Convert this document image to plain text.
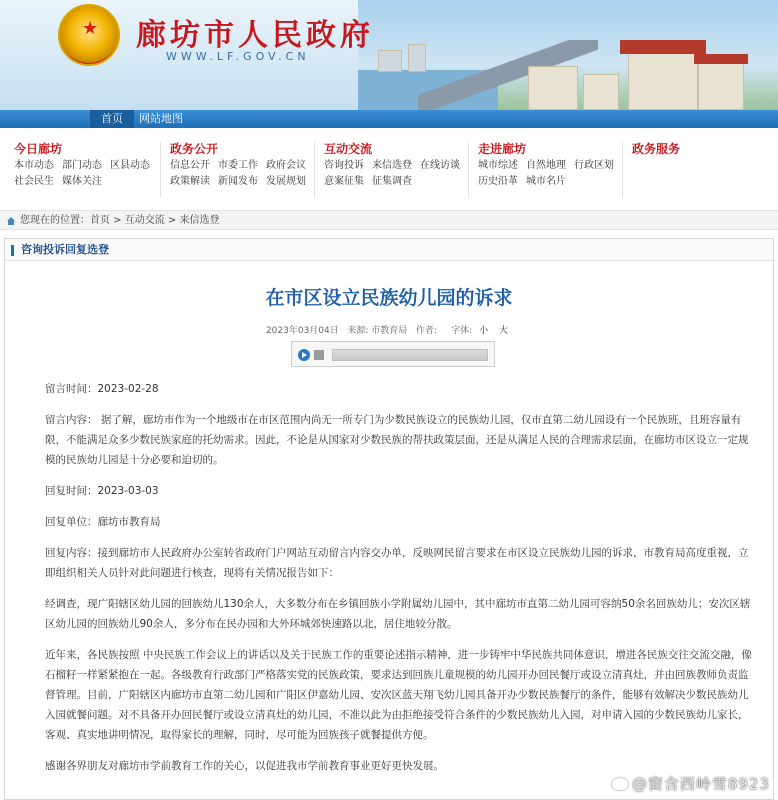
★ 廊坊市人民政府
WWW.LF.GOV.CN
首页	网站地图
今日廊坊
本市动态 部门动态 区县动态
社会民生 媒体关注
政务公开
信息公开 市委工作 政府会议
政策解读 新闻发布 发展规划
互动交流
咨询投诉 来信选登 在线访谈
意案征集 征集调查
走进廊坊
城市综述 自然地理 行政区划
历史沿革 城市名片
政务服务
您现在的位置：首页 > 互动交流 > 来信选登
咨询投诉回复选登
在市区设立民族幼儿园的诉求
2023年03月04日 来源: 市教育局 作者: 字体: 小 大

留言时间：2023-02-28

留言内容： 据了解，廊坊市作为一个地级市在市区范围内尚无一所专门为少数民族设立的民族幼儿园，仅市直第二幼儿园设有一个民族班，且班容量有限，不能满足众多少数民族家庭的托幼需求。因此，不论是从国家对少数民族的帮扶政策层面，还是从满足人民的合理需求层面，在廊坊市区设立一定规模的民族幼儿园是十分必要和迫切的。

回复时间：2023-03-03

回复单位：廊坊市教育局

回复内容：接到廊坊市人民政府办公室转省政府门户网站互动留言内容交办单，反映网民留言要求在市区设立民族幼儿园的诉求，市教育局高度重视，立即组织相关人员针对此问题进行核查，现将有关情况报告如下：

经调查，现广阳辖区幼儿园的回族幼儿130余人，大多数分布在乡镇回族小学附属幼儿园中，其中廊坊市直第二幼儿园可容纳50余名回族幼儿；安次区辖区幼儿园的回族幼儿90余人，多分布在民办园和大外环城郊快速路以北，居住地较分散。

近年来，各民族按照 中央民族工作会议上的讲话以及关于民族工作的重要论述指示精神，进一步铸牢中华民族共同体意识，增进各民族交往交流交融，像石榴籽一样紧紧抱在一起。各级教育行政部门严格落实党的民族政策，要求达到回族儿童规模的幼儿园开办回民餐厅或设立清真灶，并由回族教师负责监督管理。目前，广阳辖区内廊坊市直第二幼儿园和广阳区伊嘉幼儿园、安次区蓝天翔飞幼儿园具备开办少数民族餐厅的条件，能够有效解决少数民族幼儿入园就餐问题。对不具备开办回民餐厅或设立清真灶的幼儿园，不准以此为由拒绝接受符合条件的少数民族幼儿入园，对申请入园的少数民族幼儿家长，客观、真实地讲明情况，取得家长的理解，同时，尽可能为回族孩子就餐提供方便。

感谢各界朋友对廊坊市学前教育工作的关心，以促进我市学前教育事业更好更快发展。

@窗含西岭雪8923
